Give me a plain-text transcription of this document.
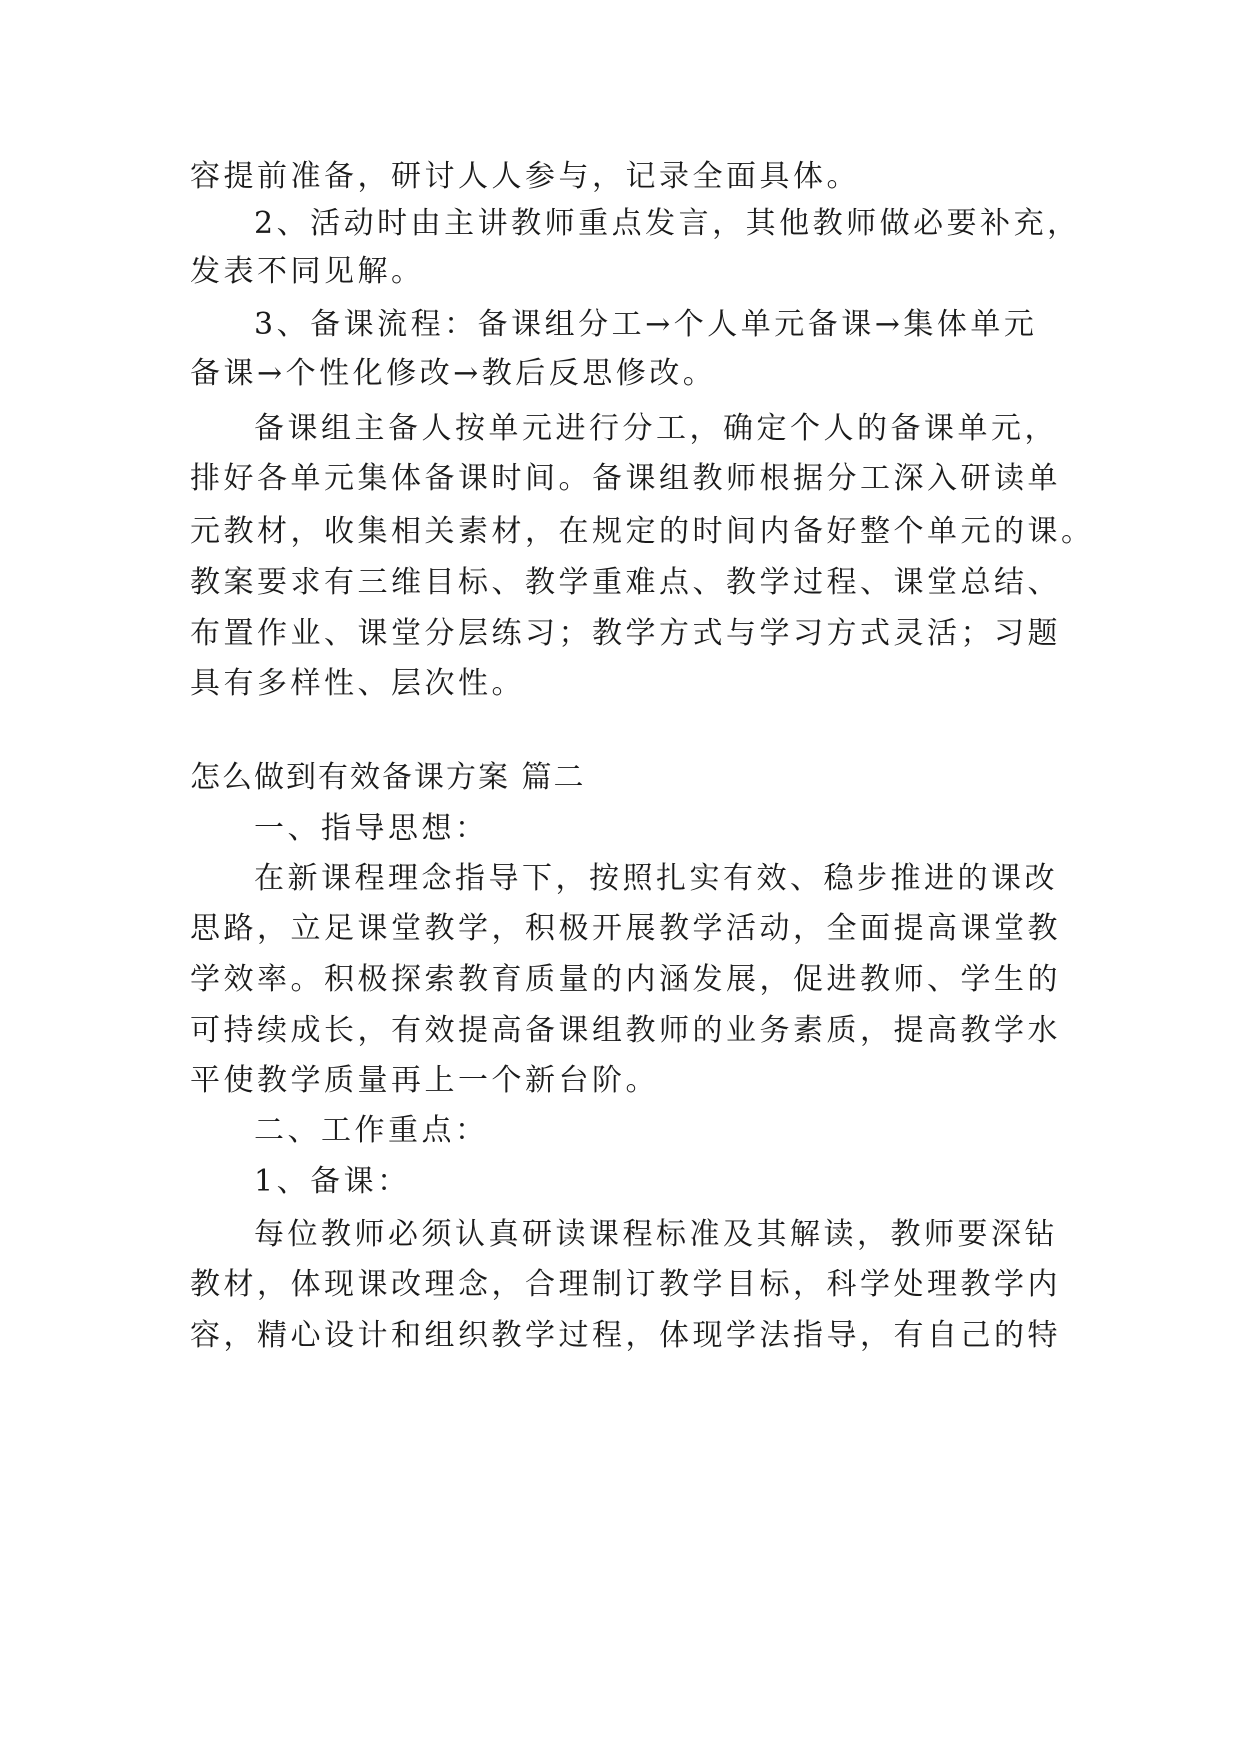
容提前准备，研讨人人参与，记录全面具体。
2、活动时由主讲教师重点发言，其他教师做必要补充，
发表不同见解。
3、备课流程：备课组分工→个人单元备课→集体单元
备课→个性化修改→教后反思修改。
备课组主备人按单元进行分工，确定个人的备课单元，
排好各单元集体备课时间。备课组教师根据分工深入研读单
元教材，收集相关素材，在规定的时间内备好整个单元的课。
教案要求有三维目标、教学重难点、教学过程、课堂总结、
布置作业、课堂分层练习；教学方式与学习方式灵活；习题
具有多样性、层次性。
怎么做到有效备课方案 篇二
一、指导思想：
在新课程理念指导下，按照扎实有效、稳步推进的课改
思路，立足课堂教学，积极开展教学活动，全面提高课堂教
学效率。积极探索教育质量的内涵发展，促进教师、学生的
可持续成长，有效提高备课组教师的业务素质，提高教学水
平使教学质量再上一个新台阶。
二、工作重点：
1、备课：
每位教师必须认真研读课程标准及其解读，教师要深钻
教材，体现课改理念，合理制订教学目标，科学处理教学内
容，精心设计和组织教学过程，体现学法指导，有自己的特
